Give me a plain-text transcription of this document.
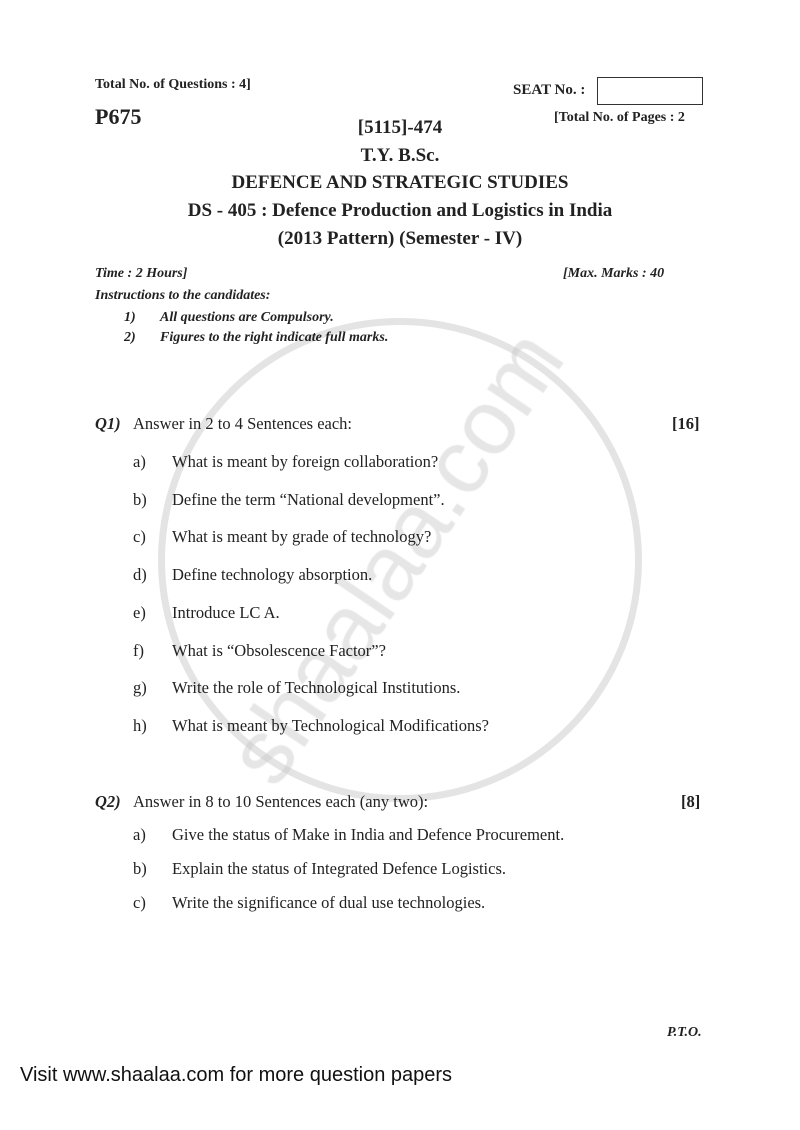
Total No. of Questions : 4]	SEAT No. :
P675	[Total No. of Pages : 2
[5115]-474
T.Y. B.Sc.
DEFENCE AND STRATEGIC STUDIES
DS - 405 : Defence Production and Logistics in India
(2013 Pattern) (Semester - IV)
Time : 2 Hours]	[Max. Marks : 40
Instructions to the candidates:
1) All questions are Compulsory.
2) Figures to the right indicate full marks.
Q1) Answer in 2 to 4 Sentences each:	[16]
a) What is meant by foreign collaboration?
b) Define the term “National development”.
c) What is meant by grade of technology?
d) Define technology absorption.
e) Introduce LC A.
f) What is “Obsolescence Factor”?
g) Write the role of Technological Institutions.
h) What is meant by Technological Modifications?
Q2) Answer in 8 to 10 Sentences each (any two):	[8]
a) Give the status of Make in India and Defence Procurement.
b) Explain the status of Integrated Defence Logistics.
c) Write the significance of dual use technologies.
P.T.O.
Visit www.shaalaa.com for more question papers
